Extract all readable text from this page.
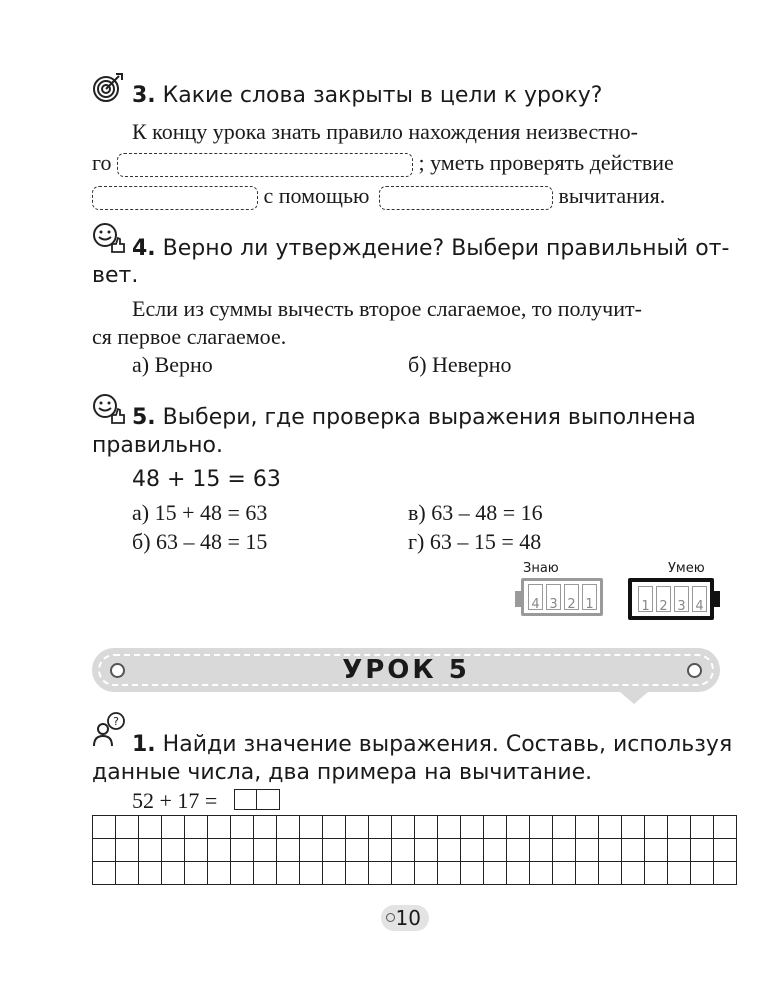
3. Какие слова закрыты в цели к уроку?
К концу урока знать правило нахождения неизвестно-
го	; уметь проверять действие
с помощью	вычитания.
4. Верно ли утверждение? Выбери правильный от-
вет.
Если из суммы вычесть второе слагаемое, то получит-
ся первое слагаемое.
а) Верно	б) Неверно
5. Выбери, где проверка выражения выполнена
правильно.
48 + 15 = 63
а) 15 + 48 = 63
б) 63 – 48 = 15
в) 63 – 48 = 16
г) 63 – 15 = 48
Знаю
4 3 2 1
Умею
1 2 3 4
УРОК 5
?
1. Найди значение выражения. Составь, используя
данные числа, два примера на вычитание.
52 + 17 =

10
